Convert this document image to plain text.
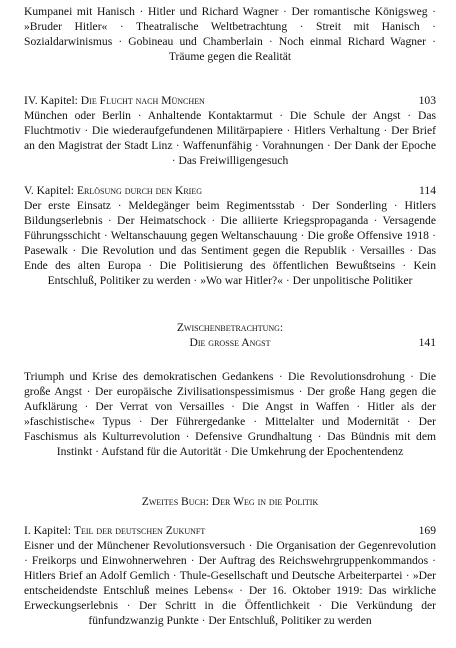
Kumpanei mit Hanisch · Hitler und Richard Wagner · Der romantische Königsweg · »Bruder Hitler« · Theatralische Weltbetrachtung · Streit mit Hanisch · Sozialdarwinismus · Gobineau und Chamberlain · Noch einmal Richard Wagner · Träume gegen die Realität
IV. Kapitel: Die Flucht nach München	103
München oder Berlin · Anhaltende Kontaktarmut · Die Schule der Angst · Das Fluchtmotiv · Die wiederaufgefundenen Militärpapiere · Hitlers Verhaltung · Der Brief an den Magistrat der Stadt Linz · Waffenunfähig · Vorahnungen · Der Dank der Epoche · Das Freiwilligengesuch
V. Kapitel: Erlösung durch den Krieg	114
Der erste Einsatz · Meldegänger beim Regimentsstab · Der Sonderling · Hitlers Bildungserlebnis · Der Heimatschock · Die alliierte Kriegspropaganda · Versagende Führungsschicht · Weltanschauung gegen Weltanschauung · Die große Offensive 1918 · Pasewalk · Die Revolution und das Sentiment gegen die Republik · Versailles · Das Ende des alten Europa · Die Politisierung des öffentlichen Bewußtseins · Kein Entschluß, Politiker zu werden · »Wo war Hitler?« · Der unpolitische Politiker
Zwischenbetrachtung:
Die grosse Angst	141
Triumph und Krise des demokratischen Gedankens · Die Revolutionsdrohung · Die große Angst · Der europäische Zivilisationspessimismus · Der große Hang gegen die Aufklärung · Der Verrat von Versailles · Die Angst in Waffen · Hitler als der »faschistische« Typus · Der Führergedanke · Mittelalter und Modernität · Der Faschismus als Kulturrevolution · Defensive Grundhaltung · Das Bündnis mit dem Instinkt · Aufstand für die Autorität · Die Umkehrung der Epochentendenz
Zweites Buch: Der Weg in die Politik
I. Kapitel: Teil der deutschen Zukunft	169
Eisner und der Münchener Revolutionsversuch · Die Organisation der Gegenrevolution · Freikorps und Einwohnerwehren · Der Auftrag des Reichswehrgruppenkommandos · Hitlers Brief an Adolf Gemlich · Thule-Gesellschaft und Deutsche Arbeiterpartei · »Der entscheidendste Entschluß meines Lebens« · Der 16. Oktober 1919: Das wirkliche Erweckungserlebnis · Der Schritt in die Öffentlichkeit · Die Verkündung der fünfundzwanzig Punkte · Der Entschluß, Politiker zu werden
